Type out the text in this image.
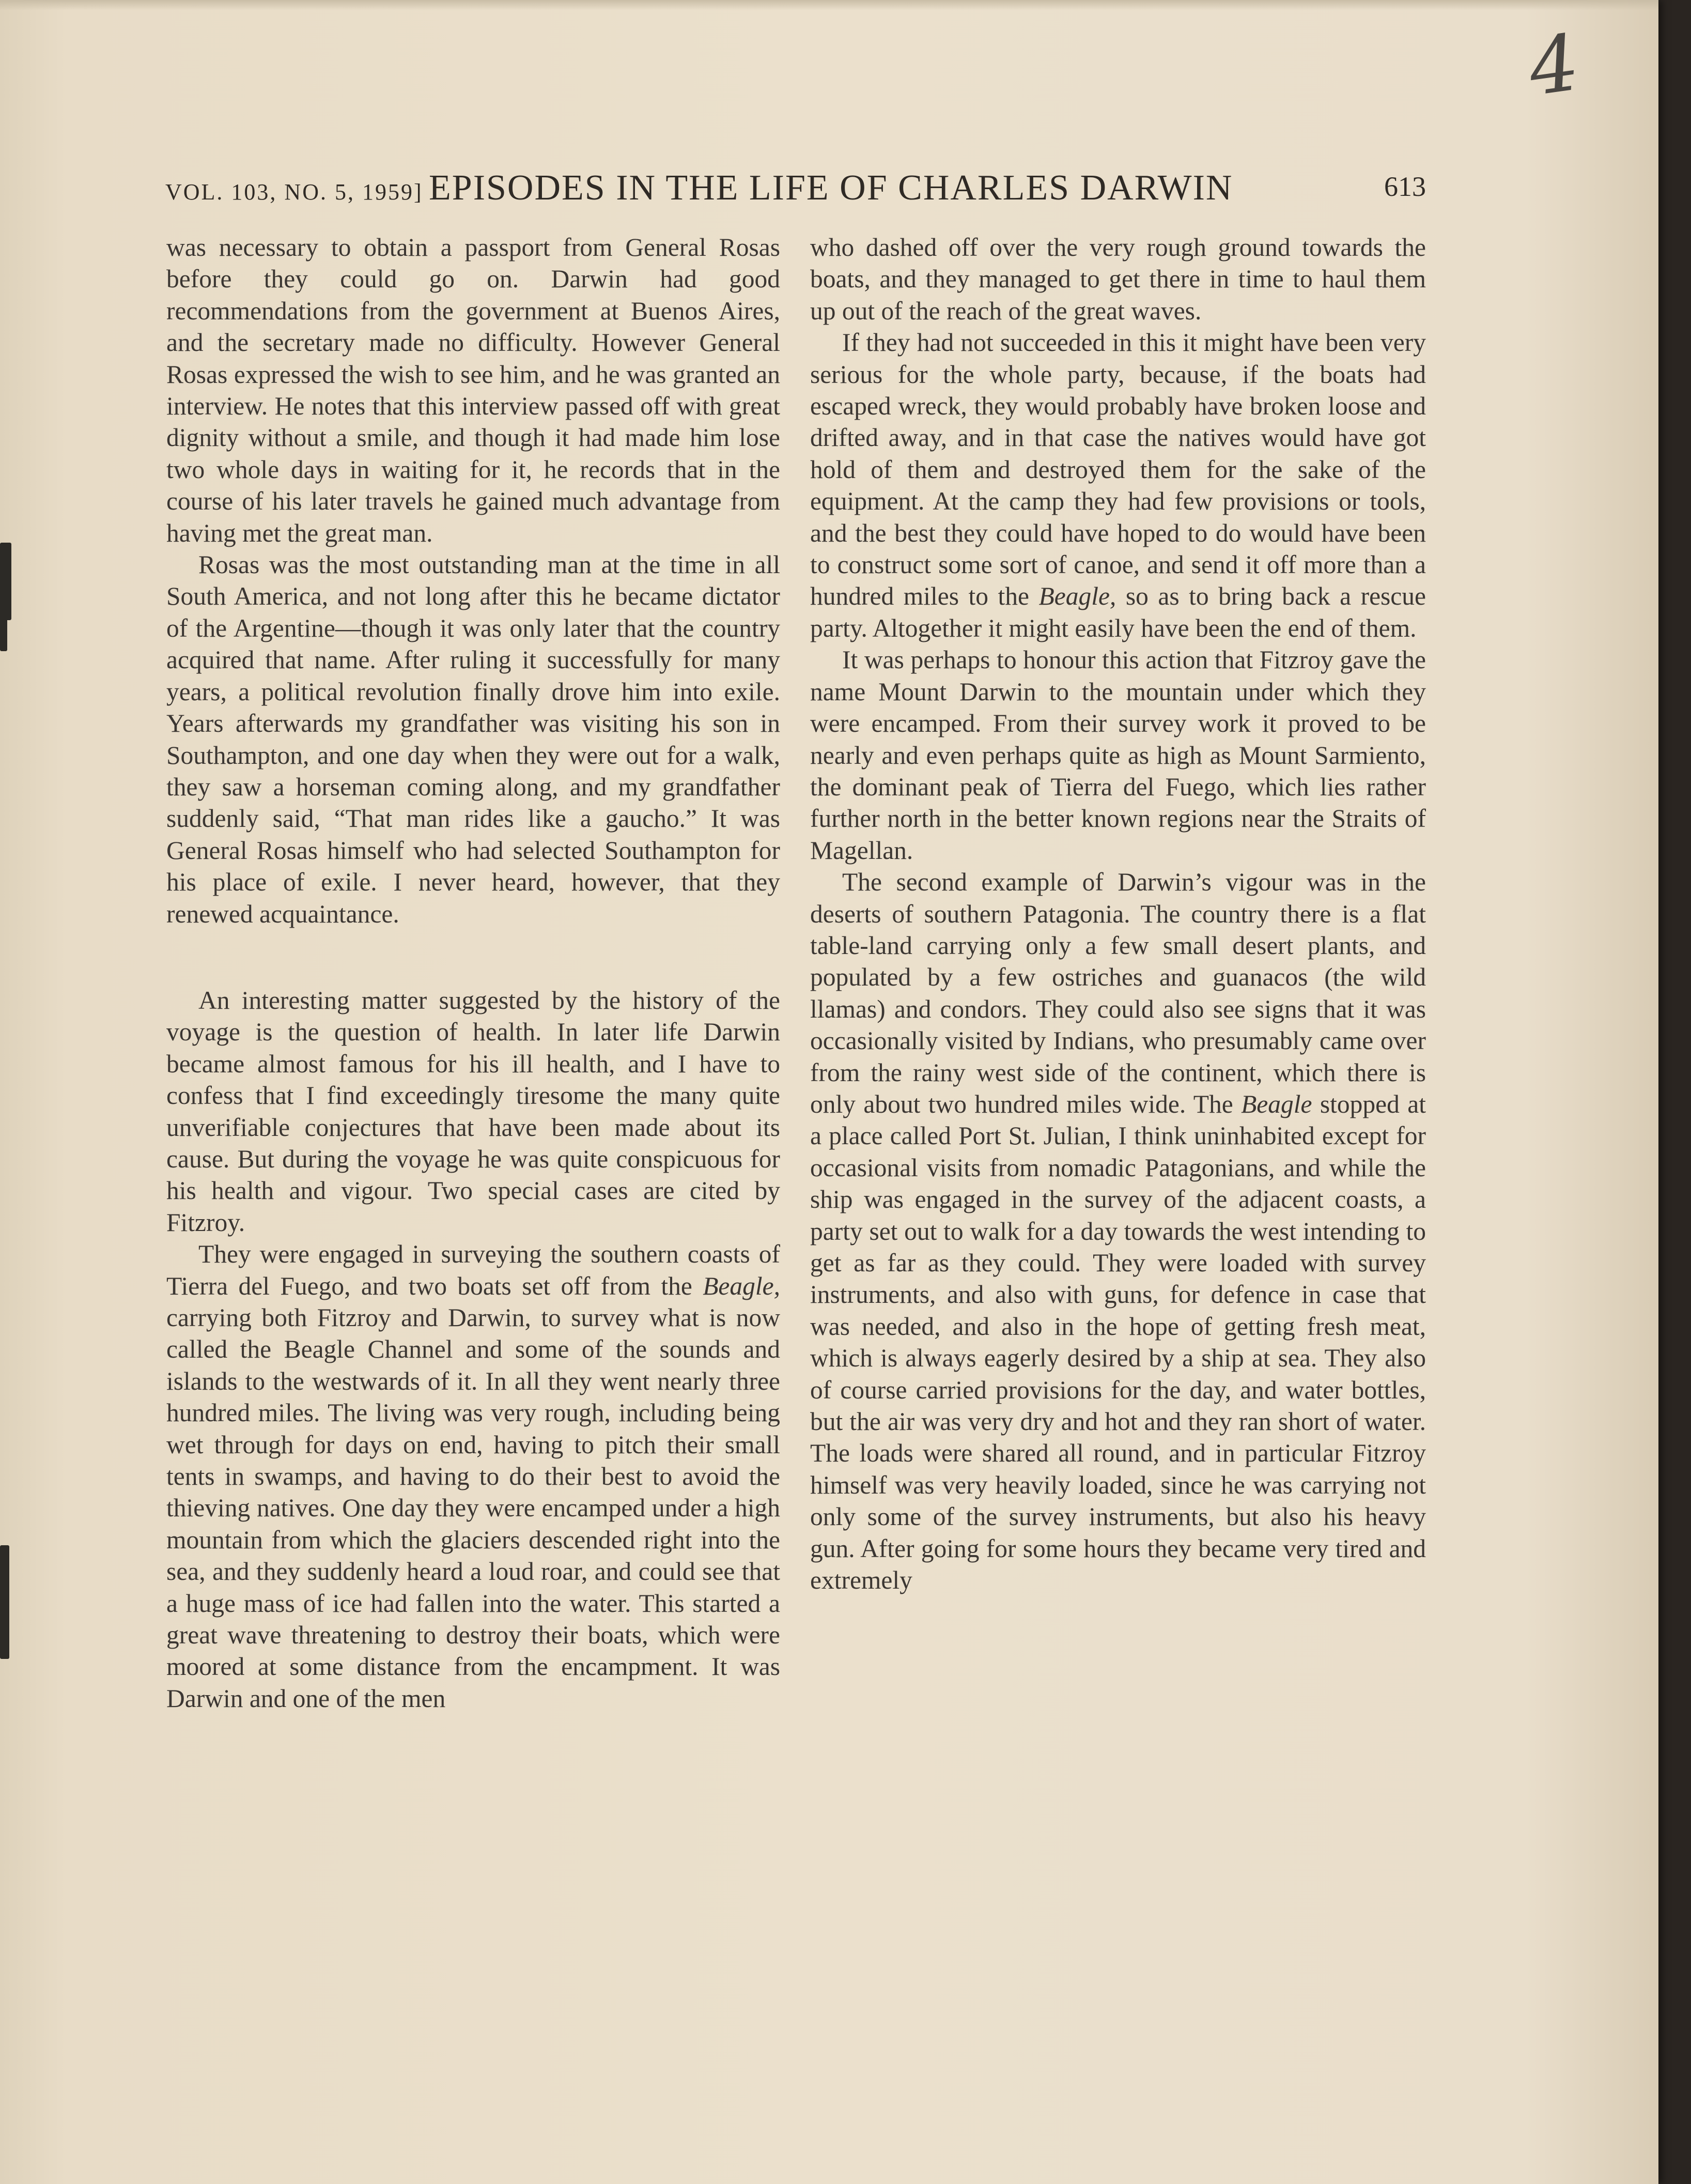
4
VOL. 103, NO. 5, 1959] EPISODES IN THE LIFE OF CHARLES DARWIN	613

was necessary to obtain a passport from General Rosas before they could go on. Darwin had good recommendations from the government at Buenos Aires, and the secretary made no difficulty. However General Rosas expressed the wish to see him, and he was granted an interview. He notes that this interview passed off with great dignity without a smile, and though it had made him lose two whole days in waiting for it, he records that in the course of his later travels he gained much advantage from having met the great man.

Rosas was the most outstanding man at the time in all South America, and not long after this he became dictator of the Argentine—though it was only later that the country acquired that name. After ruling it successfully for many years, a political revolution finally drove him into exile. Years afterwards my grandfather was visiting his son in Southampton, and one day when they were out for a walk, they saw a horseman coming along, and my grandfather suddenly said, “That man rides like a gaucho.” It was General Rosas himself who had selected Southampton for his place of exile. I never heard, however, that they renewed acquaintance.

An interesting matter suggested by the history of the voyage is the question of health. In later life Darwin became almost famous for his ill health, and I have to confess that I find exceedingly tiresome the many quite unverifiable conjectures that have been made about its cause. But during the voyage he was quite conspicuous for his health and vigour. Two special cases are cited by Fitzroy.

They were engaged in surveying the southern coasts of Tierra del Fuego, and two boats set off from the Beagle, carrying both Fitzroy and Darwin, to survey what is now called the Beagle Channel and some of the sounds and islands to the westwards of it. In all they went nearly three hundred miles. The living was very rough, including being wet through for days on end, having to pitch their small tents in swamps, and having to do their best to avoid the thieving natives. One day they were encamped under a high mountain from which the glaciers descended right into the sea, and they suddenly heard a loud roar, and could see that a huge mass of ice had fallen into the water. This started a great wave threatening to destroy their boats, which were moored at some distance from the encampment. It was Darwin and one of the men

who dashed off over the very rough ground towards the boats, and they managed to get there in time to haul them up out of the reach of the great waves.

If they had not succeeded in this it might have been very serious for the whole party, because, if the boats had escaped wreck, they would probably have broken loose and drifted away, and in that case the natives would have got hold of them and destroyed them for the sake of the equipment. At the camp they had few provisions or tools, and the best they could have hoped to do would have been to construct some sort of canoe, and send it off more than a hundred miles to the Beagle, so as to bring back a rescue party. Altogether it might easily have been the end of them.

It was perhaps to honour this action that Fitzroy gave the name Mount Darwin to the mountain under which they were encamped. From their survey work it proved to be nearly and even perhaps quite as high as Mount Sarmiento, the dominant peak of Tierra del Fuego, which lies rather further north in the better known regions near the Straits of Magellan.

The second example of Darwin’s vigour was in the deserts of southern Patagonia. The country there is a flat table-land carrying only a few small desert plants, and populated by a few ostriches and guanacos (the wild llamas) and condors. They could also see signs that it was occasionally visited by Indians, who presumably came over from the rainy west side of the continent, which there is only about two hundred miles wide. The Beagle stopped at a place called Port St. Julian, I think uninhabited except for occasional visits from nomadic Patagonians, and while the ship was engaged in the survey of the adjacent coasts, a party set out to walk for a day towards the west intending to get as far as they could. They were loaded with survey instruments, and also with guns, for defence in case that was needed, and also in the hope of getting fresh meat, which is always eagerly desired by a ship at sea. They also of course carried provisions for the day, and water bottles, but the air was very dry and hot and they ran short of water. The loads were shared all round, and in particular Fitzroy himself was very heavily loaded, since he was carrying not only some of the survey instruments, but also his heavy gun. After going for some hours they became very tired and extremely
